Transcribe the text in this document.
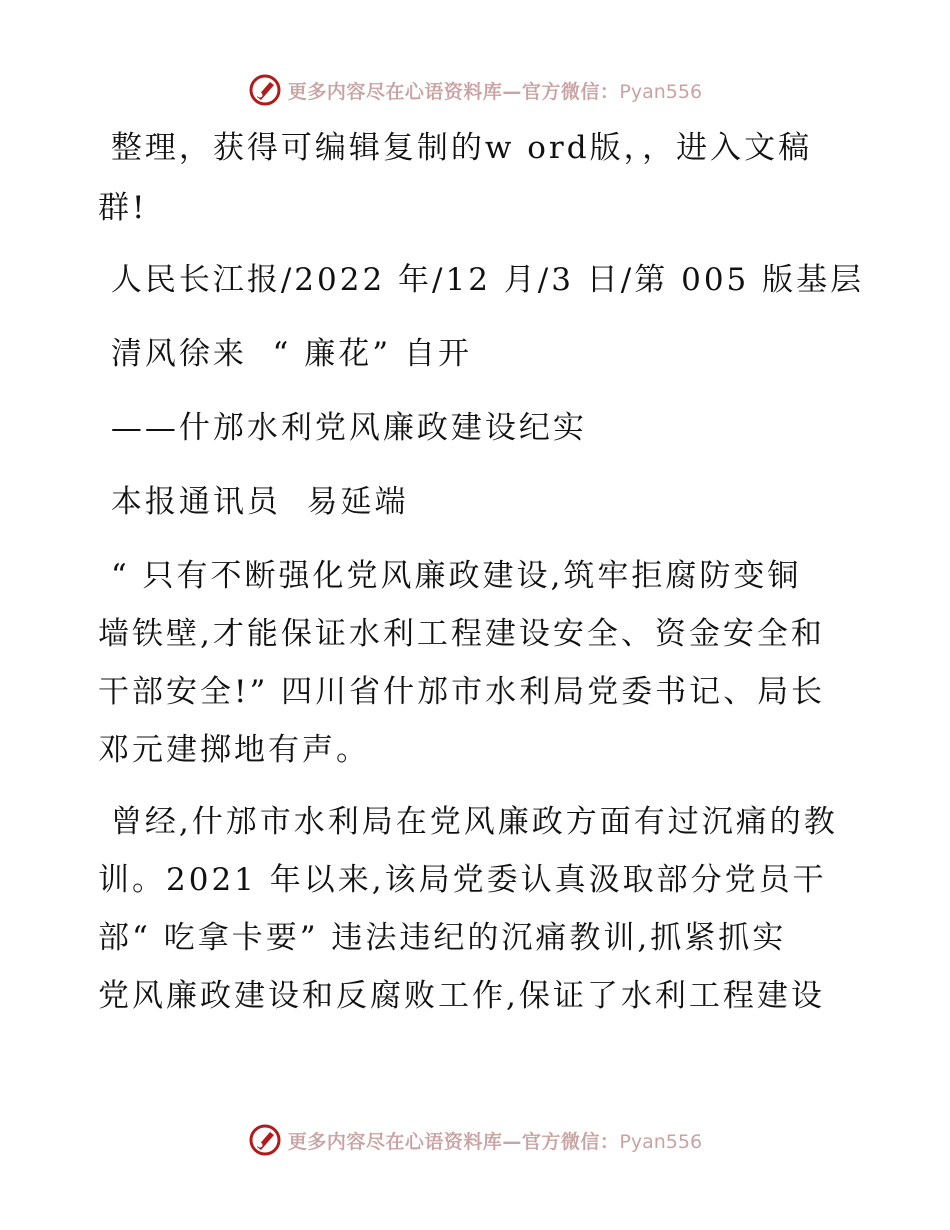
更多内容尽在心语资料库—官方微信：Pyan556
整理，获得可编辑复制的w ord版，，进入文稿
群!
人民长江报/2022 年/12 月/3 日/第 005 版基层
清风徐来  “ 廉花” 自开
——什邡水利党风廉政建设纪实
本报通讯员  易延端
“ 只有不断强化党风廉政建设,筑牢拒腐防变铜
墙铁壁,才能保证水利工程建设安全、资金安全和
干部安全!” 四川省什邡市水利局党委书记、局长
邓元建掷地有声。
曾经,什邡市水利局在党风廉政方面有过沉痛的教
训。2021 年以来,该局党委认真汲取部分党员干
部“ 吃拿卡要” 违法违纪的沉痛教训,抓紧抓实
党风廉政建设和反腐败工作,保证了水利工程建设
更多内容尽在心语资料库—官方微信：Pyan556
